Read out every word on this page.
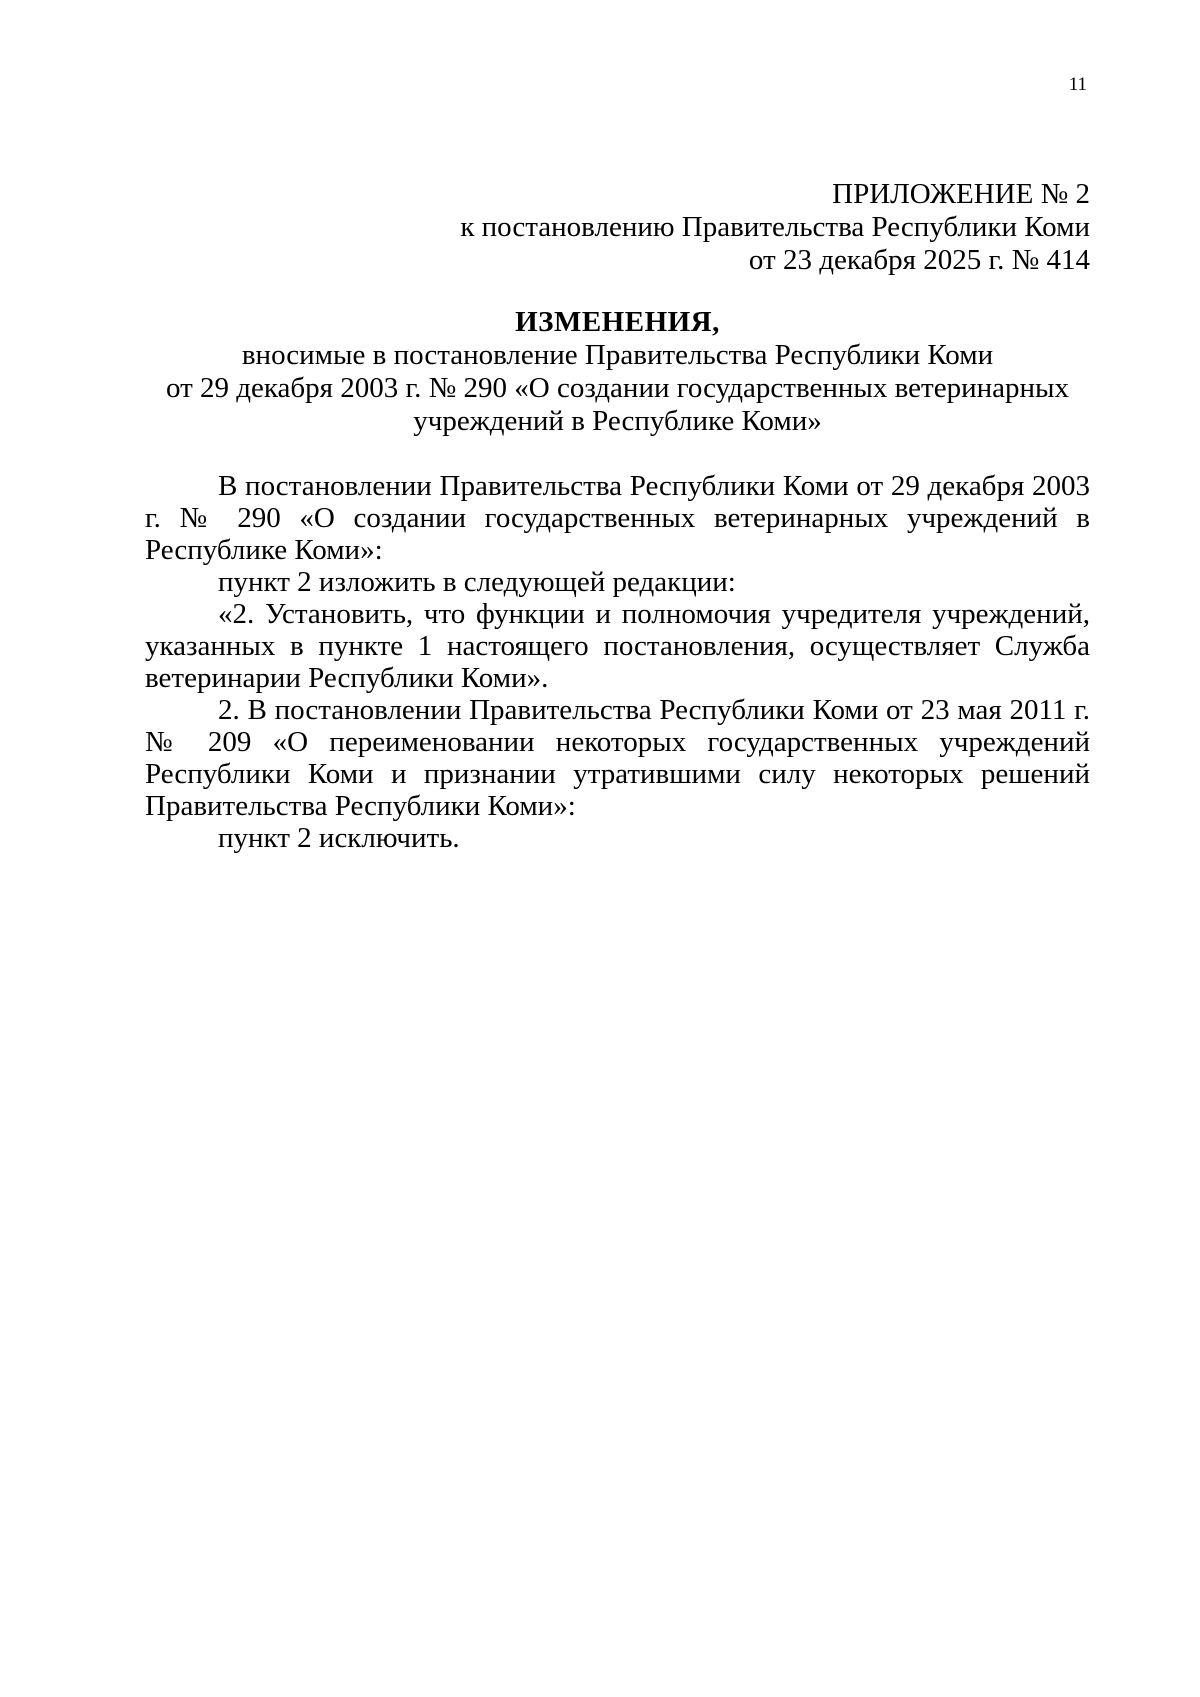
11
ПРИЛОЖЕНИЕ № 2
к постановлению Правительства Республики Коми
от 23 декабря 2025 г. № 414
ИЗМЕНЕНИЯ,
вносимые в постановление Правительства Республики Коми
от 29 декабря 2003 г. № 290 «О создании государственных ветеринарных
учреждений в Республике Коми»

В постановлении Правительства Республики Коми от 29 декабря 2003 г. № 290 «О создании государственных ветеринарных учреждений в Республике Коми»:

пункт 2 изложить в следующей редакции:

«2. Установить, что функции и полномочия учредителя учреждений, указанных в пункте 1 настоящего постановления, осуществляет Служба ветеринарии Республики Коми».

2. В постановлении Правительства Республики Коми от 23 мая 2011 г. № 209 «О переименовании некоторых государственных учреждений Республики Коми и признании утратившими силу некоторых решений Правительства Республики Коми»:

пункт 2 исключить.
